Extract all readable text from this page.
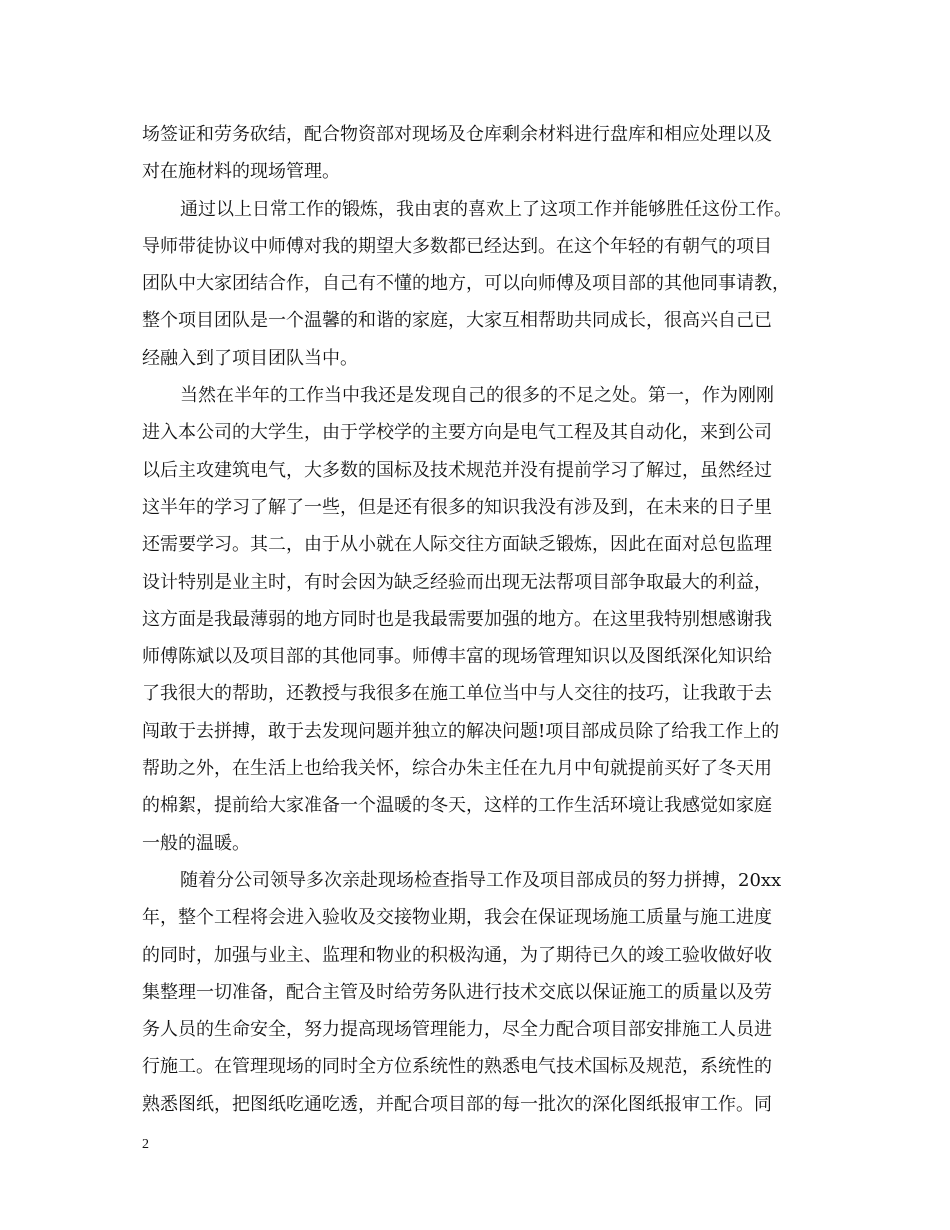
场签证和劳务砍结，配合物资部对现场及仓库剩余材料进行盘库和相应处理以及
对在施材料的现场管理。
通过以上日常工作的锻炼，我由衷的喜欢上了这项工作并能够胜任这份工作。
导师带徒协议中师傅对我的期望大多数都已经达到。在这个年轻的有朝气的项目
团队中大家团结合作，自己有不懂的地方，可以向师傅及项目部的其他同事请教，
整个项目团队是一个温馨的和谐的家庭，大家互相帮助共同成长，很高兴自己已
经融入到了项目团队当中。
当然在半年的工作当中我还是发现自己的很多的不足之处。第一，作为刚刚
进入本公司的大学生，由于学校学的主要方向是电气工程及其自动化，来到公司
以后主攻建筑电气，大多数的国标及技术规范并没有提前学习了解过，虽然经过
这半年的学习了解了一些，但是还有很多的知识我没有涉及到，在未来的日子里
还需要学习。其二，由于从小就在人际交往方面缺乏锻炼，因此在面对总包监理
设计特别是业主时，有时会因为缺乏经验而出现无法帮项目部争取最大的利益，
这方面是我最薄弱的地方同时也是我最需要加强的地方。在这里我特别想感谢我
师傅陈斌以及项目部的其他同事。师傅丰富的现场管理知识以及图纸深化知识给
了我很大的帮助，还教授与我很多在施工单位当中与人交往的技巧，让我敢于去
闯敢于去拼搏，敢于去发现问题并独立的解决问题!项目部成员除了给我工作上的
帮助之外，在生活上也给我关怀，综合办朱主任在九月中旬就提前买好了冬天用
的棉絮，提前给大家准备一个温暖的冬天，这样的工作生活环境让我感觉如家庭
一般的温暖。
随着分公司领导多次亲赴现场检查指导工作及项目部成员的努力拼搏，20xx
年，整个工程将会进入验收及交接物业期，我会在保证现场施工质量与施工进度
的同时，加强与业主、监理和物业的积极沟通，为了期待已久的竣工验收做好收
集整理一切准备，配合主管及时给劳务队进行技术交底以保证施工的质量以及劳
务人员的生命安全，努力提高现场管理能力，尽全力配合项目部安排施工人员进
行施工。在管理现场的同时全方位系统性的熟悉电气技术国标及规范，系统性的
熟悉图纸，把图纸吃通吃透，并配合项目部的每一批次的深化图纸报审工作。同
2
